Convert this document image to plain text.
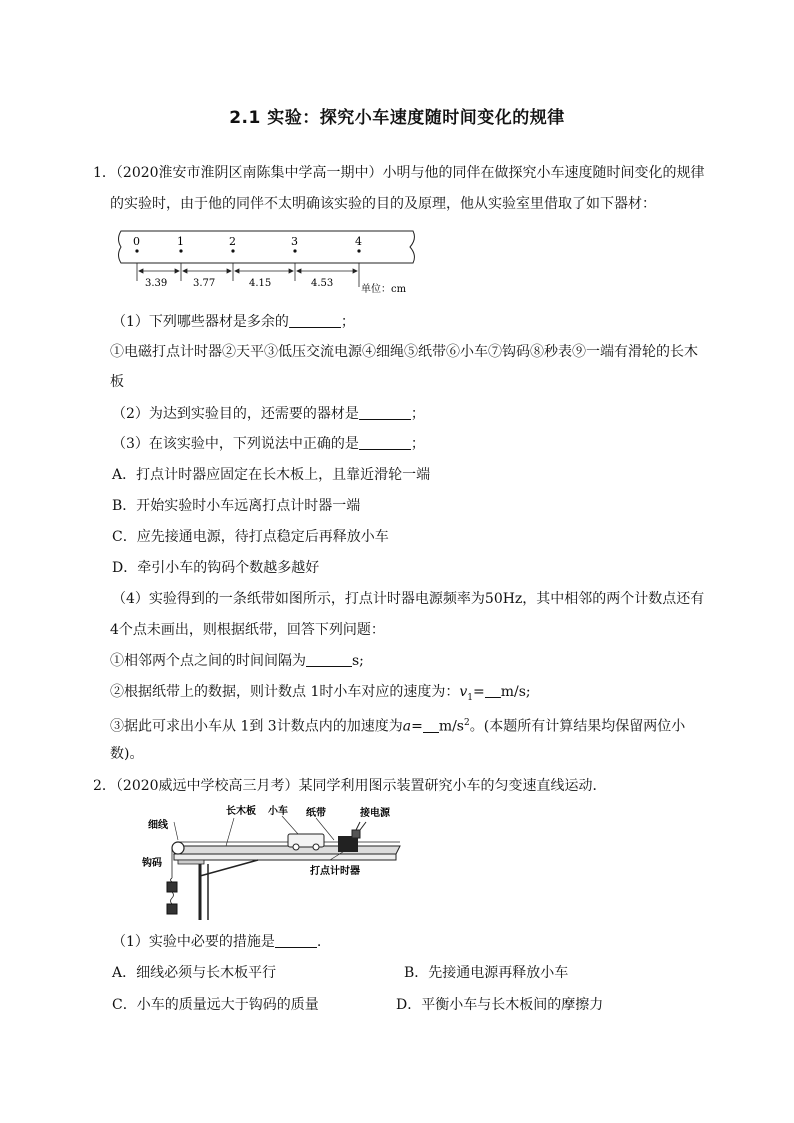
2.1 实验：探究小车速度随时间变化的规律
1．（2020淮安市淮阴区南陈集中学高一期中）小明与他的同伴在做探究小车速度随时间变化的规律
的实验时，由于他的同伴不太明确该实验的目的及原理，他从实验室里借取了如下器材：
0	1	2	3	4
3.39	3.77	4.15	4.53
单位：cm
（1）下列哪些器材是多余的	；
①电磁打点计时器②天平③低压交流电源④细绳⑤纸带⑥小车⑦钩码⑧秒表⑨一端有滑轮的长木
板
（2）为达到实验目的，还需要的器材是	；
（3）在该实验中，下列说法中正确的是	；
A．打点计时器应固定在长木板上，且靠近滑轮一端
B．开始实验时小车远离打点计时器一端
C．应先接通电源，待打点稳定后再释放小车
D．牵引小车的钩码个数越多越好
（4）实验得到的一条纸带如图所示，打点计时器电源频率为50Hz，其中相邻的两个计数点还有
4个点未画出，则根据纸带，回答下列问题：
①相邻两个点之间的时间间隔为	s;
②根据纸带上的数据，则计数点 1时小车对应的速度为：$v_1= m/s$;
③据此可求出小车从 1到 3计数点内的加速度为$a= m/s^2$。(本题所有计算结果均保留两位小
数)。
2．（2020威远中学校高三月考）某同学利用图示装置研究小车的匀变速直线运动．
细线
长木板 小车 纸带	接电源
钩码
打点计时器
（1）实验中必要的措施是	.
A．细线必须与长木板平行	B．先接通电源再释放小车
C．小车的质量远大于钩码的质量	D．平衡小车与长木板间的摩擦力
